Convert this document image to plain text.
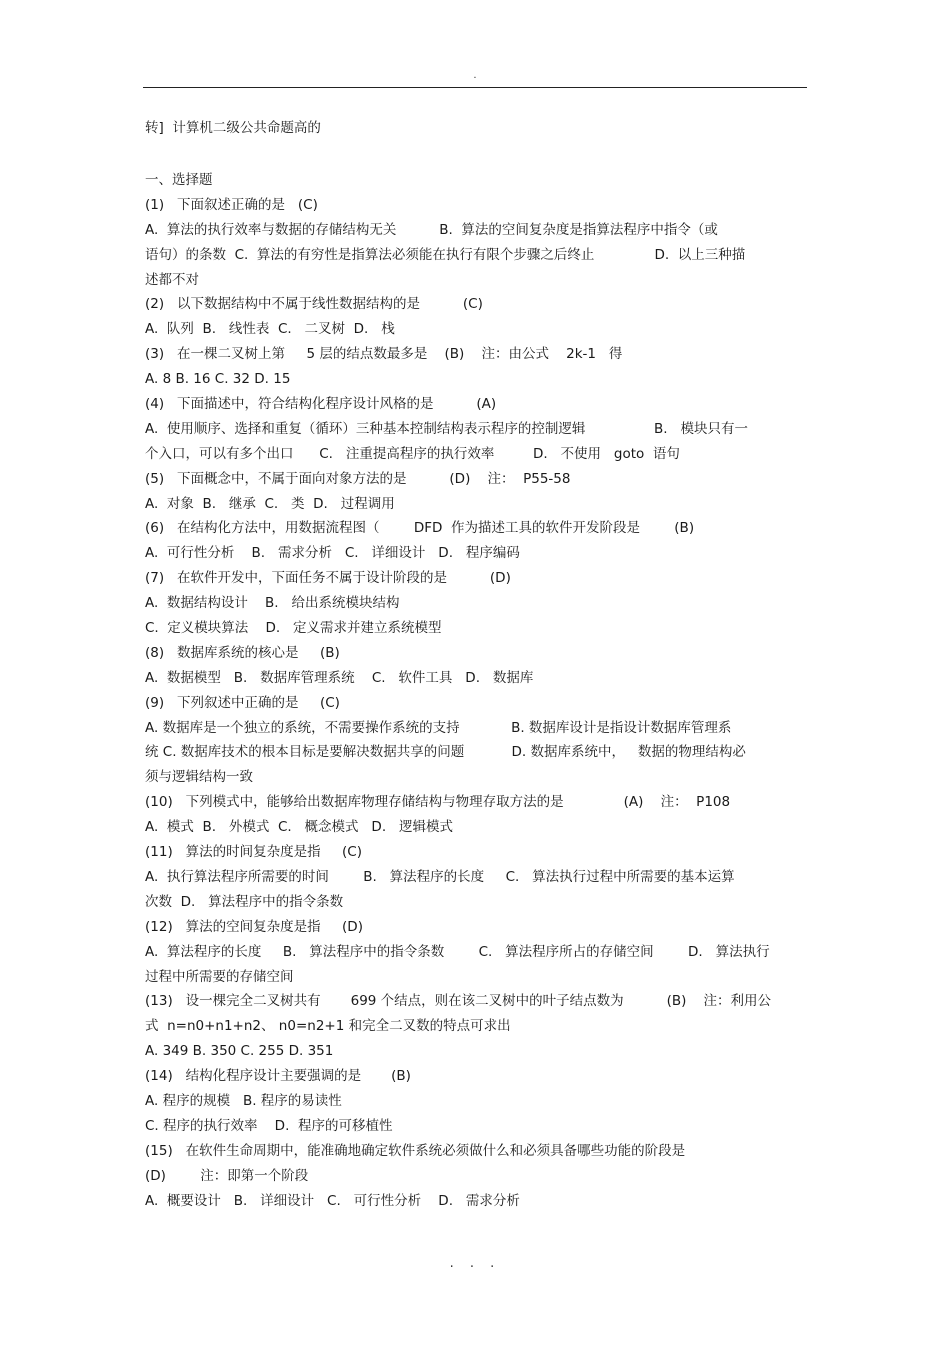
.
转]  计算机二级公共命题高的
一、选择题
(1)   下面叙述正确的是   (C)
A.  算法的执行效率与数据的存储结构无关          B.  算法的空间复杂度是指算法程序中指令（或
语句）的条数  C.  算法的有穷性是指算法必须能在执行有限个步骤之后终止              D.  以上三种描
述都不对
(2)   以下数据结构中不属于线性数据结构的是          (C)
A.  队列  B.   线性表  C.   二叉树  D.   栈
(3)   在一棵二叉树上第     5 层的结点数最多是    (B)    注：由公式    2k-1   得
A. 8 B. 16 C. 32 D. 15
(4)   下面描述中，符合结构化程序设计风格的是          (A)
A.  使用顺序、选择和重复（循环）三种基本控制结构表示程序的控制逻辑                B.   模块只有一
个入口，可以有多个出口      C.   注重提高程序的执行效率         D.   不使用   goto  语句
(5)   下面概念中，不属于面向对象方法的是          (D)    注：  P55-58
A.  对象  B.   继承  C.   类  D.   过程调用
(6)   在结构化方法中，用数据流程图（        DFD  作为描述工具的软件开发阶段是        (B)
A.  可行性分析    B.   需求分析   C.   详细设计   D.   程序编码
(7)   在软件开发中，下面任务不属于设计阶段的是          (D)
A.  数据结构设计    B.   给出系统模块结构
C.  定义模块算法    D.   定义需求并建立系统模型
(8)   数据库系统的核心是     (B)
A.  数据模型   B.   数据库管理系统    C.   软件工具   D.   数据库
(9)   下列叙述中正确的是     (C)
A. 数据库是一个独立的系统，不需要操作系统的支持            B. 数据库设计是指设计数据库管理系
统 C. 数据库技术的根本目标是要解决数据共享的问题           D. 数据库系统中，   数据的物理结构必
须与逻辑结构一致
(10)   下列模式中，能够给出数据库物理存储结构与物理存取方法的是              (A)    注：  P108
A.  模式  B.   外模式  C.   概念模式   D.   逻辑模式
(11)   算法的时间复杂度是指     (C)
A.  执行算法程序所需要的时间        B.   算法程序的长度     C.   算法执行过程中所需要的基本运算
次数  D.   算法程序中的指令条数
(12)   算法的空间复杂度是指     (D)
A.  算法程序的长度     B.   算法程序中的指令条数        C.   算法程序所占的存储空间        D.   算法执行
过程中所需要的存储空间
(13)   设一棵完全二叉树共有       699 个结点，则在该二叉树中的叶子结点数为          (B)    注：利用公
式  n=n0+n1+n2、 n0=n2+1 和完全二叉数的特点可求出
A. 349 B. 350 C. 255 D. 351
(14)   结构化程序设计主要强调的是       (B)
A. 程序的规模   B. 程序的易读性
C. 程序的执行效率    D.  程序的可移植性
(15)   在软件生命周期中，能准确地确定软件系统必须做什么和必须具备哪些功能的阶段是
(D)        注：即第一个阶段
A.  概要设计   B.   详细设计   C.   可行性分析    D.   需求分析
. . .
